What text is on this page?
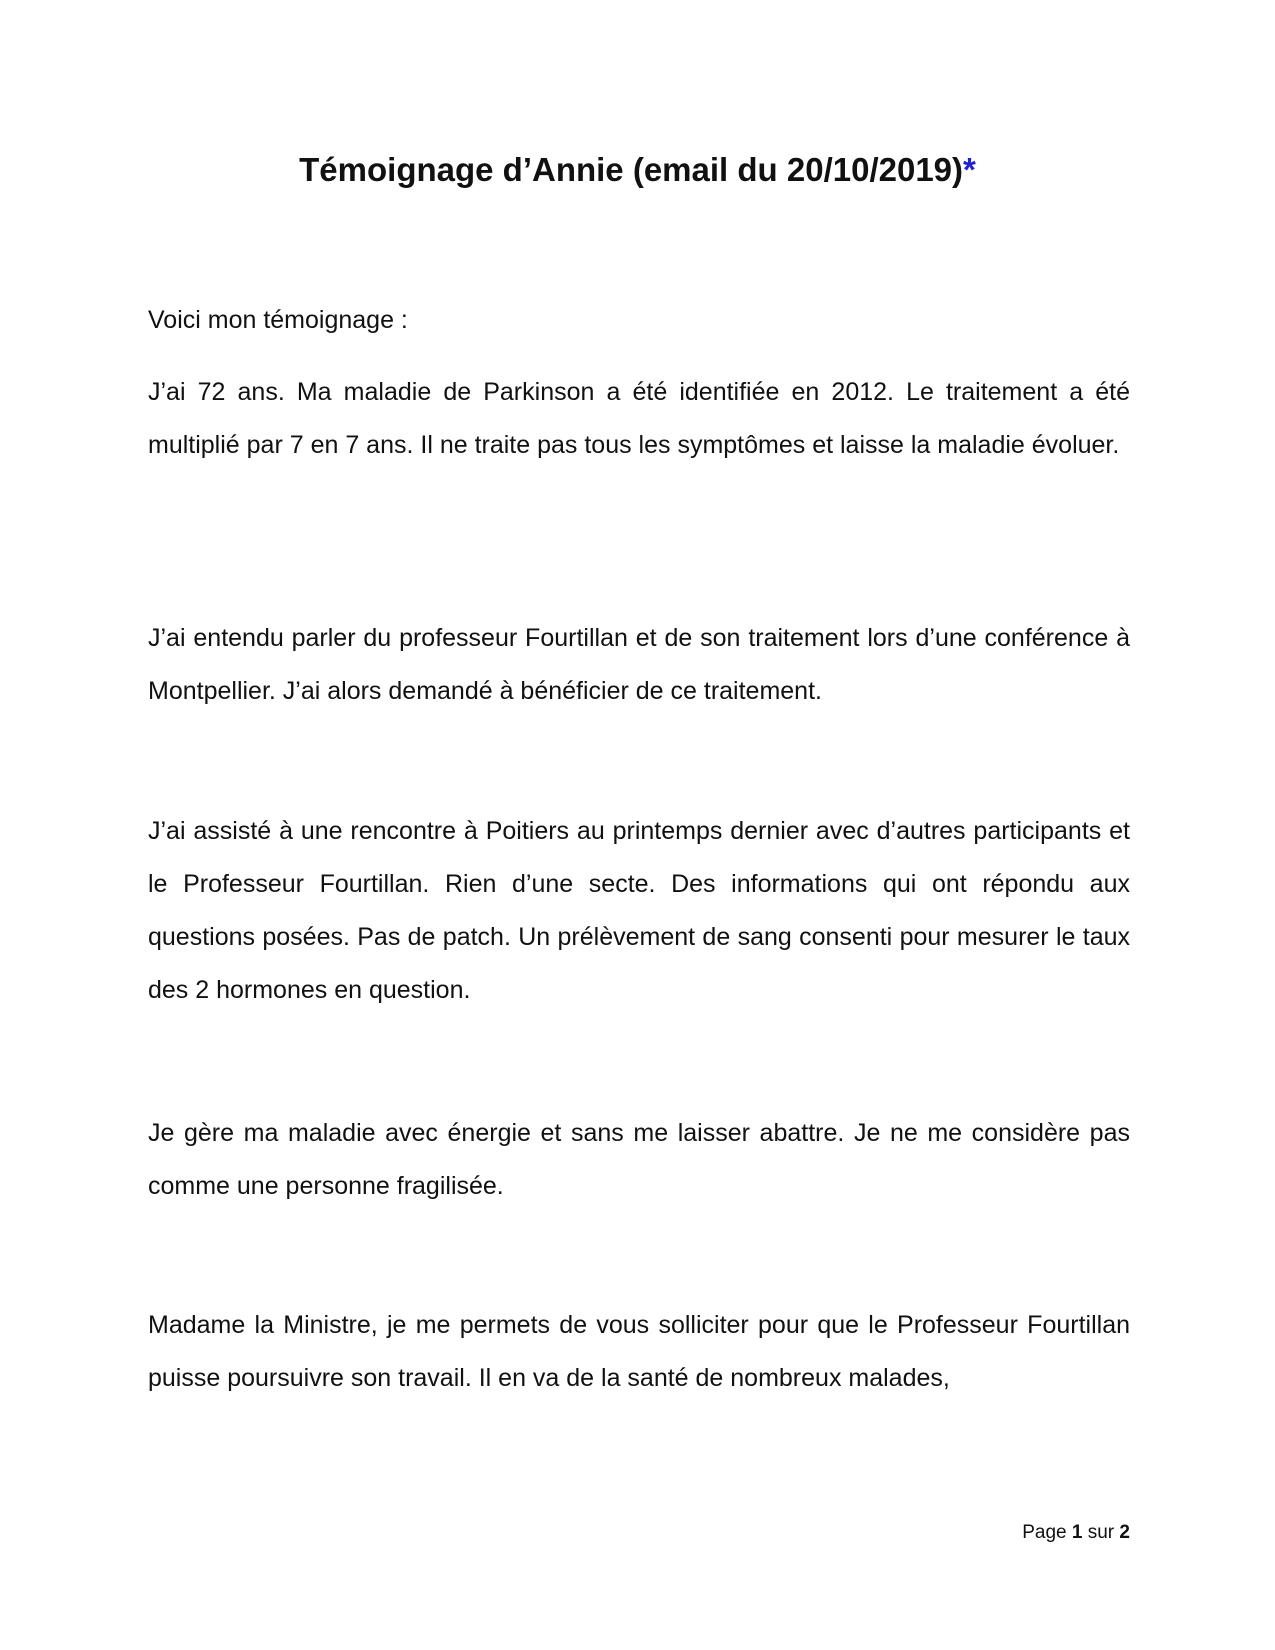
Témoignage d’Annie (email du 20/10/2019)*

Voici mon témoignage :

J’ai 72 ans. Ma maladie de Parkinson a été identifiée en 2012. Le traitement a été multiplié par 7 en 7 ans. Il ne traite pas tous les symptômes et laisse la maladie évoluer.

J’ai entendu parler du professeur Fourtillan et de son traitement lors d’une conférence à Montpellier. J’ai alors demandé à bénéficier de ce traitement.

J’ai assisté à une rencontre à Poitiers au printemps dernier avec d’autres participants et le Professeur Fourtillan. Rien d’une secte. Des informations qui ont répondu aux questions posées. Pas de patch. Un prélèvement de sang consenti pour mesurer le taux des 2 hormones en question.

Je gère ma maladie avec énergie et sans me laisser abattre. Je ne me considère pas comme une personne fragilisée.

Madame la Ministre, je me permets de vous solliciter pour que le Professeur Fourtillan puisse poursuivre son travail. Il en va de la santé de nombreux malades,

Page 1 sur 2
